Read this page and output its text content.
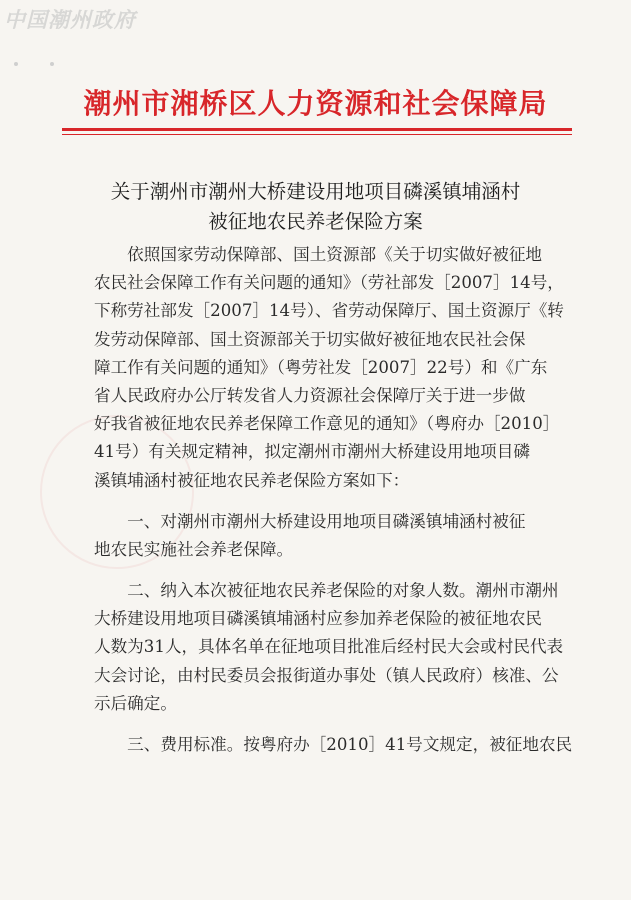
中国潮州政府
潮州市湘桥区人力资源和社会保障局
关于潮州市潮州大桥建设用地项目磷溪镇埔涵村
被征地农民养老保险方案
　　依照国家劳动保障部、国土资源部《关于切实做好被征地
农民社会保障工作有关问题的通知》（劳社部发［2007］14号，
下称劳社部发［2007］14号）、省劳动保障厅、国土资源厅《转
发劳动保障部、国土资源部关于切实做好被征地农民社会保
障工作有关问题的通知》（粤劳社发［2007］22号）和《广东
省人民政府办公厅转发省人力资源社会保障厅关于进一步做
好我省被征地农民养老保障工作意见的通知》（粤府办［2010］
41号）有关规定精神，拟定潮州市潮州大桥建设用地项目磷
溪镇埔涵村被征地农民养老保险方案如下：
　　一、对潮州市潮州大桥建设用地项目磷溪镇埔涵村被征
地农民实施社会养老保障。
　　二、纳入本次被征地农民养老保险的对象人数。潮州市潮州
大桥建设用地项目磷溪镇埔涵村应参加养老保险的被征地农民
人数为31人，具体名单在征地项目批准后经村民大会或村民代表
大会讨论，由村民委员会报街道办事处（镇人民政府）核准、公
示后确定。
　　三、费用标准。按粤府办［2010］41号文规定，被征地农民
